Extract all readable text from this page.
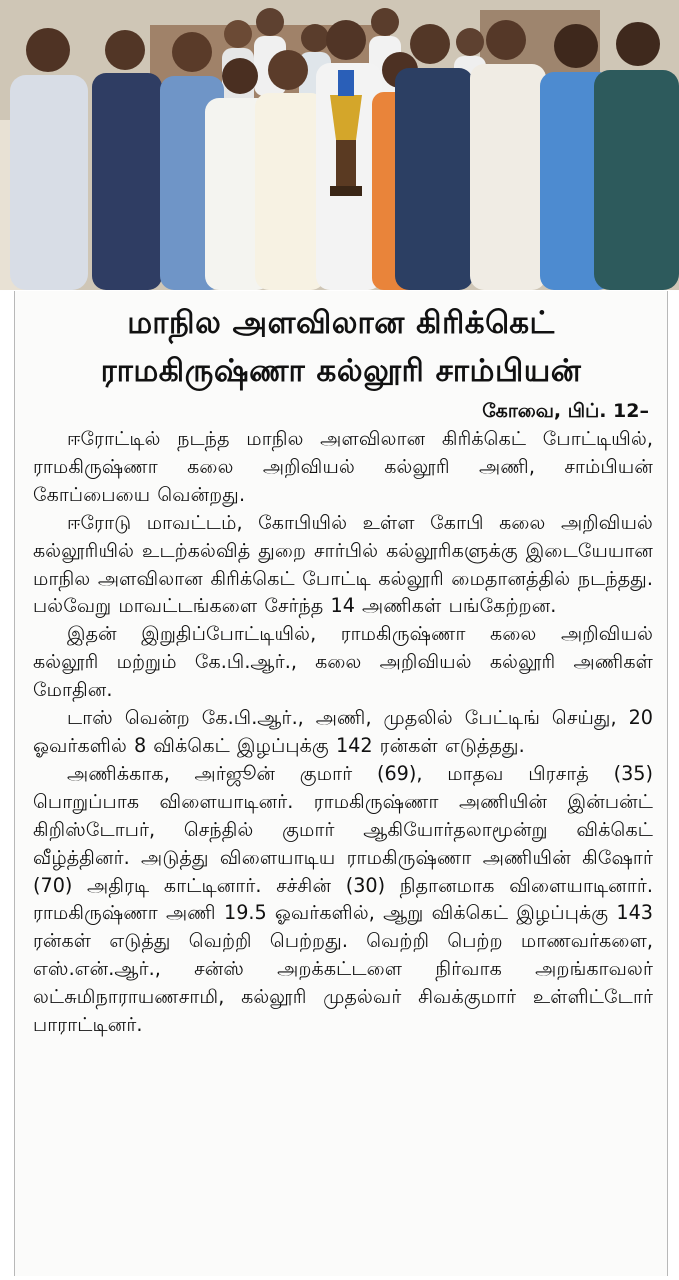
மாநில அளவிலான கிரிக்கெட்
ராமகிருஷ்ணா கல்லூரி சாம்பியன்
கோவை, பிப். 12–

ஈரோட்டில் நடந்த மாநில அளவிலான கிரிக்கெட் போட்டியில், ராமகிருஷ்ணா கலை அறிவியல் கல்லூரி அணி, சாம்பியன் கோப்பையை வென்றது.

ஈரோடு மாவட்டம், கோபியில் உள்ள கோபி கலை அறிவியல் கல்லூரியில் உடற்கல்வித் துறை சார்பில் கல்லூரிகளுக்கு இடையேயான மாநில அளவிலான கிரிக்கெட் போட்டி கல்லூரி மைதானத்தில் நடந்தது. பல்வேறு மாவட்டங்களை சேர்ந்த 14 அணிகள் பங்கேற்றன.

இதன் இறுதிப்போட்டியில், ராமகிருஷ்ணா கலை அறிவியல் கல்லூரி மற்றும் கே.பி.ஆர்., கலை அறிவியல் கல்லூரி அணிகள் மோதின.

டாஸ் வென்ற கே.பி.ஆர்., அணி, முதலில் பேட்டிங் செய்து, 20 ஓவர்களில் 8 விக்கெட் இழப்புக்கு 142 ரன்கள் எடுத்தது.

அணிக்காக, அர்ஜூன் குமார் (69), மாதவ பிரசாத் (35) பொறுப்பாக விளையாடினர். ராமகிருஷ்ணா அணியின் இன்பன்ட் கிறிஸ்டோபர், செந்தில் குமார் ஆகியோர்தலாமூன்று விக்கெட் வீழ்த்தினர். அடுத்து விளையாடிய ராமகிருஷ்ணா அணியின் கிஷோர் (70) அதிரடி காட்டினார். சச்சின் (30) நிதானமாக விளையாடினார். ராமகிருஷ்ணா அணி 19.5 ஓவர்களில், ஆறு விக்கெட் இழப்புக்கு 143 ரன்கள் எடுத்து வெற்றி பெற்றது. வெற்றி பெற்ற மாணவர்களை, எஸ்.என்.ஆர்., சன்ஸ் அறக்கட்டளை நிர்வாக அறங்காவலர் லட்சுமிநாராயணசாமி, கல்லூரி முதல்வர் சிவக்குமார் உள்ளிட்டோர் பாராட்டினர்.
